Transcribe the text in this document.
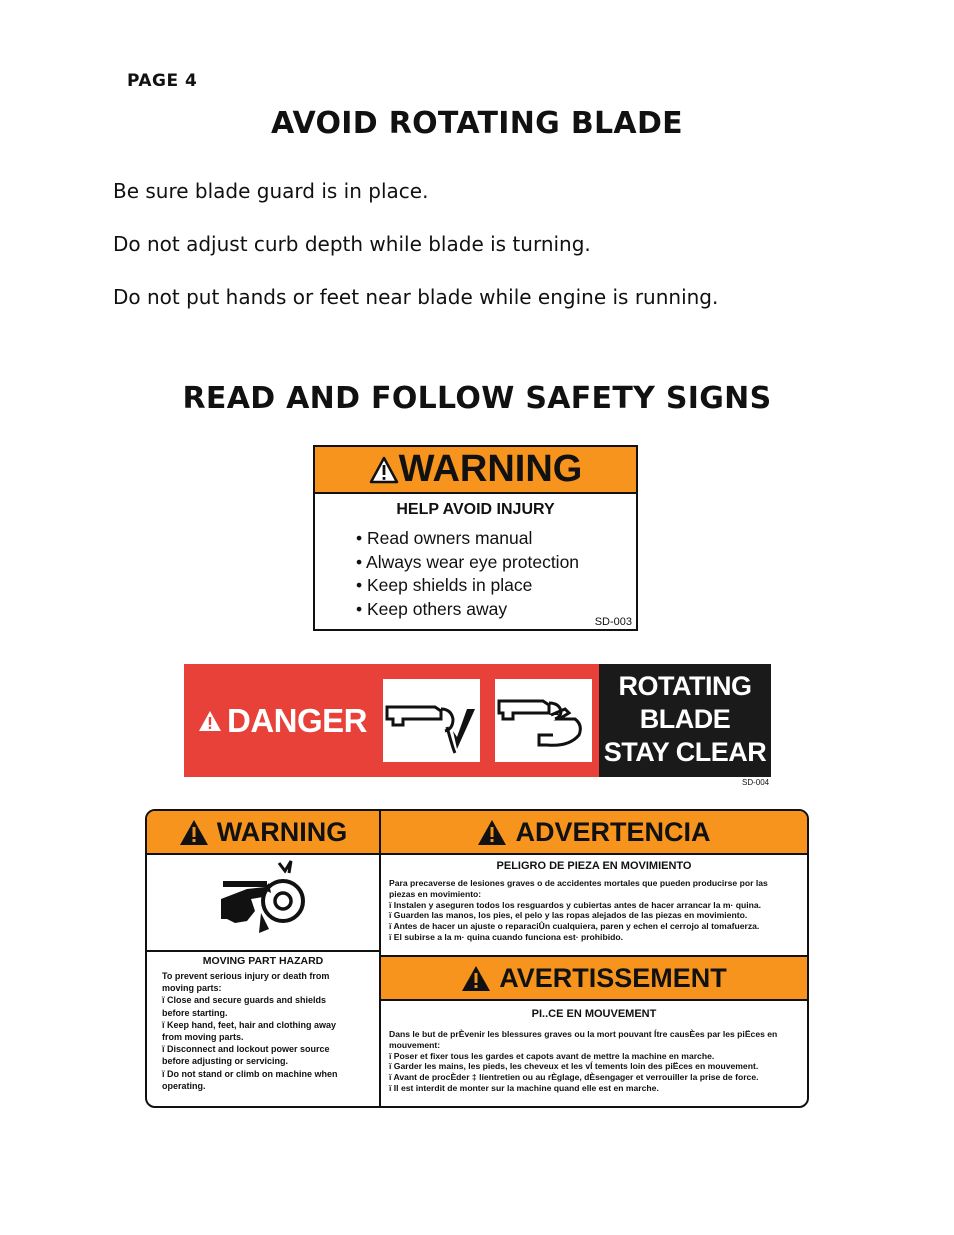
PAGE 4
AVOID ROTATING BLADE
Be sure blade guard is in place.
Do not adjust curb depth while blade is turning.
Do not put hands or feet near blade while engine is running.
READ AND FOLLOW SAFETY SIGNS
WARNING
HELP AVOID INJURY
• Read owners manual
• Always wear eye protection
• Keep shields in place
• Keep others away
SD-003
DANGER
ROTATING
BLADE
STAY CLEAR
SD-004
WARNING	ADVERTENCIA
MOVING PART HAZARD
To prevent serious injury or death from
moving parts:
ï Close and secure guards and shields
before starting.
ï Keep hand, feet, hair and clothing away
from moving parts.
ï Disconnect and lockout power source
before adjusting or servicing.
ï Do not stand or climb on machine when
operating.
PELIGRO DE PIEZA EN MOVIMIENTO
Para precaverse de lesiones graves o de accidentes mortales que pueden producirse por las
piezas en movimiento:
ï Instalen y aseguren todos los resguardos y cubiertas antes de hacer arrancar la m· quina.
ï Guarden las manos, los pies, el pelo y las ropas alejados de las piezas en movimiento.
ï Antes de hacer un ajuste o reparaciÛn cualquiera, paren y echen el cerrojo al tomafuerza.
ï El subirse a la m· quina cuando funciona est· prohibido.
AVERTISSEMENT
PI..CE EN MOUVEMENT
Dans le but de prÈvenir les blessures graves ou la mort pouvant Ítre causÈes par les piËces en
mouvement:
ï Poser et fixer tous les gardes et capots avant de mettre la machine en marche.
ï Garder les mains, les pieds, les cheveux et les vÍ tements loin des piËces en mouvement.
ï Avant de procÈder ‡ líentretien ou au rÈglage, dÈsengager et verrouiller la prise de force.
ï Il est interdit de monter sur la machine quand elle est en marche.
